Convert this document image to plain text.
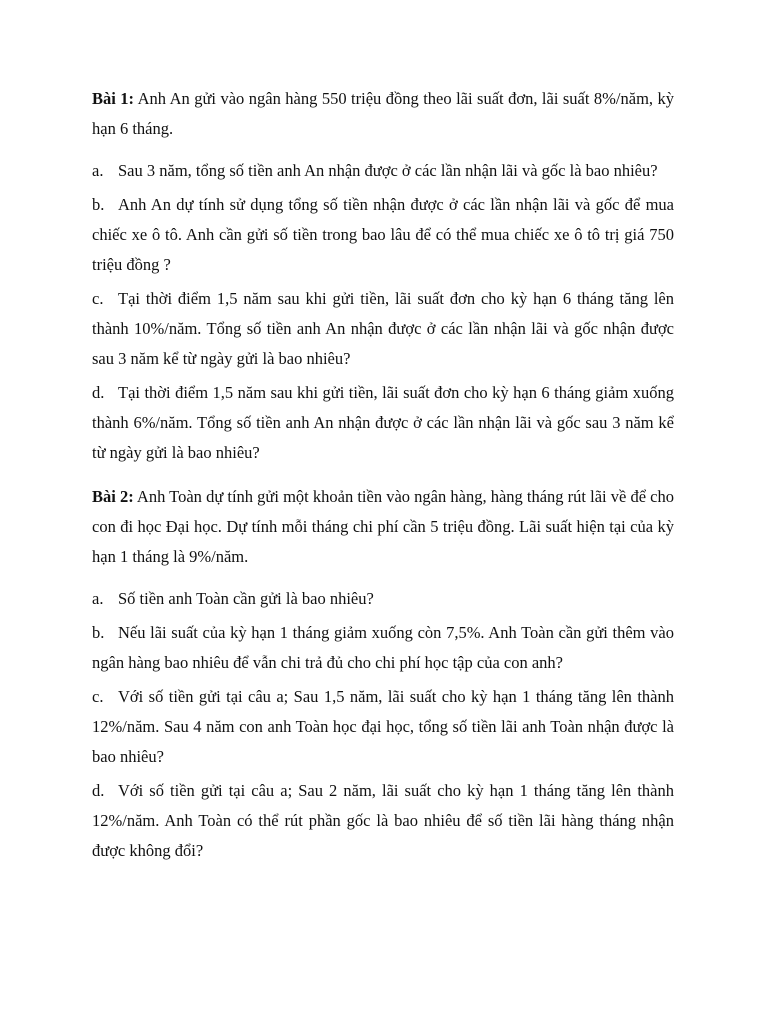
Bài 1: Anh An gửi vào ngân hàng 550 triệu đồng theo lãi suất đơn, lãi suất 8%/năm, kỳ hạn 6 tháng.

a. Sau 3 năm, tổng số tiền anh An nhận được ở các lần nhận lãi và gốc là bao nhiêu?

b. Anh An dự tính sử dụng tổng số tiền nhận được ở các lần nhận lãi và gốc để mua chiếc xe ô tô. Anh cần gửi số tiền trong bao lâu để có thể mua chiếc xe ô tô trị giá 750 triệu đồng ?

c. Tại thời điểm 1,5 năm sau khi gửi tiền, lãi suất đơn cho kỳ hạn 6 tháng tăng lên thành 10%/năm. Tổng số tiền anh An nhận được ở các lần nhận lãi và gốc nhận được sau 3 năm kể từ ngày gửi là bao nhiêu?

d. Tại thời điểm 1,5 năm sau khi gửi tiền, lãi suất đơn cho kỳ hạn 6 tháng giảm xuống thành 6%/năm. Tổng số tiền anh An nhận được ở các lần nhận lãi và gốc sau 3 năm kể từ ngày gửi là bao nhiêu?

Bài 2: Anh Toàn dự tính gửi một khoản tiền vào ngân hàng, hàng tháng rút lãi về để cho con đi học Đại học. Dự tính mỗi tháng chi phí cần 5 triệu đồng. Lãi suất hiện tại của kỳ hạn 1 tháng là 9%/năm.

a. Số tiền anh Toàn cần gửi là bao nhiêu?

b. Nếu lãi suất của kỳ hạn 1 tháng giảm xuống còn 7,5%. Anh Toàn cần gửi thêm vào ngân hàng bao nhiêu để vẫn chi trả đủ cho chi phí học tập của con anh?

c. Với số tiền gửi tại câu a; Sau 1,5 năm, lãi suất cho kỳ hạn 1 tháng tăng lên thành 12%/năm. Sau 4 năm con anh Toàn học đại học, tổng số tiền lãi anh Toàn nhận được là bao nhiêu?

d. Với số tiền gửi tại câu a; Sau 2 năm, lãi suất cho kỳ hạn 1 tháng tăng lên thành 12%/năm. Anh Toàn có thể rút phần gốc là bao nhiêu để số tiền lãi hàng tháng nhận được không đổi?
